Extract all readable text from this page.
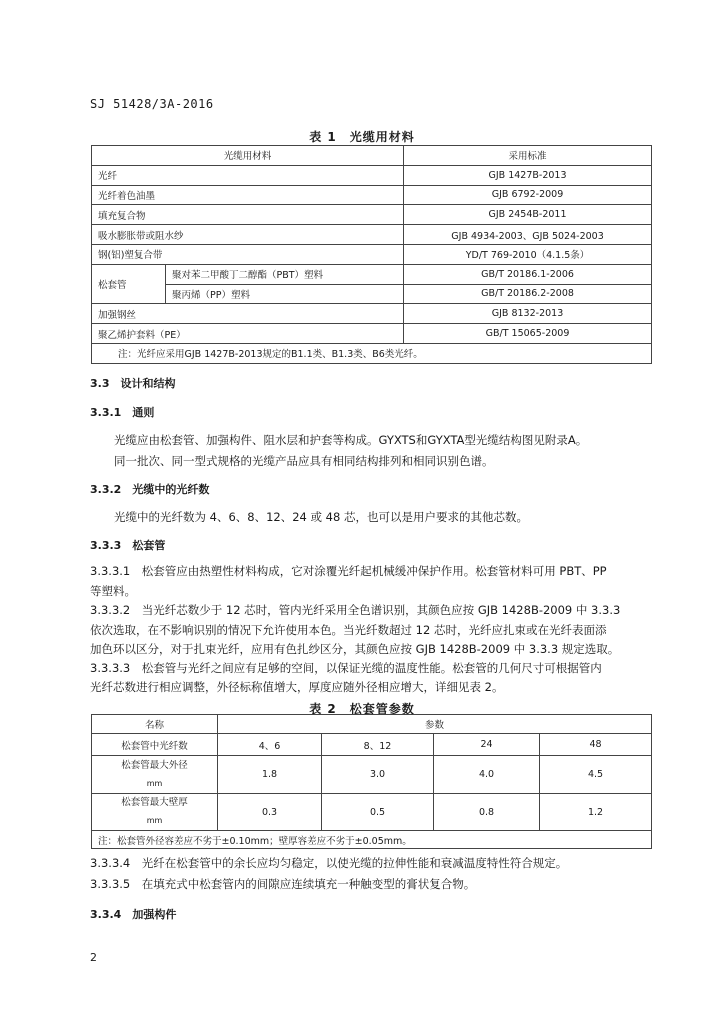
SJ 51428/3A-2016
表 1　光缆用材料
光缆用材料		采用标准
光纤		GJB 1427B-2013
光纤着色油墨		GJB 6792-2009
填充复合物		GJB 2454B-2011
吸水膨胀带或阻水纱		GJB 4934-2003、GJB 5024-2003
钢(铝)塑复合带		YD/T 769-2010（4.1.5条）
松套管	聚对苯二甲酸丁二醇酯（PBT）塑料	GB/T 20186.1-2006
	聚丙烯（PP）塑料	GB/T 20186.2-2008
加强钢丝		GJB 8132-2013
聚乙烯护套料（PE）		GB/T 15065-2009
注：光纤应采用GJB 1427B-2013规定的B1.1类、B1.3类、B6类光纤。		
3.3　设计和结构
3.3.1　通则
光缆应由松套管、加强构件、阻水层和护套等构成。GYXTS和GYXTA型光缆结构图见附录A。
同一批次、同一型式规格的光缆产品应具有相同结构排列和相同识别色谱。
3.3.2　光缆中的光纤数
光缆中的光纤数为 4、6、8、12、24 或 48 芯，也可以是用户要求的其他芯数。
3.3.3　松套管
3.3.3.1　松套管应由热塑性材料构成，它对涂覆光纤起机械缓冲保护作用。松套管材料可用 PBT、PP
等塑料。
3.3.3.2　当光纤芯数少于 12 芯时，管内光纤采用全色谱识别，其颜色应按 GJB 1428B-2009 中 3.3.3
依次选取，在不影响识别的情况下允许使用本色。当光纤数超过 12 芯时，光纤应扎束或在光纤表面添
加色环以区分，对于扎束光纤，应用有色扎纱区分，其颜色应按 GJB 1428B-2009 中 3.3.3 规定选取。
3.3.3.3　松套管与光纤之间应有足够的空间，以保证光缆的温度性能。松套管的几何尺寸可根据管内
光纤芯数进行相应调整，外径标称值增大，厚度应随外径相应增大，详细见表 2。
表 2　松套管参数
名称	参数			
松套管中光纤数	4、6	8、12	24	48

松套管最大外径
mm	1.8	3.0	4.0	4.5

松套管最大壁厚
mm	0.3	0.5	0.8	1.2
注：松套管外径容差应不劣于±0.10mm；壁厚容差应不劣于±0.05mm。				
3.3.3.4　光纤在松套管中的余长应均匀稳定，以使光缆的拉伸性能和衰减温度特性符合规定。
3.3.3.5　在填充式中松套管内的间隙应连续填充一种触变型的膏状复合物。
3.3.4　加强构件
2
